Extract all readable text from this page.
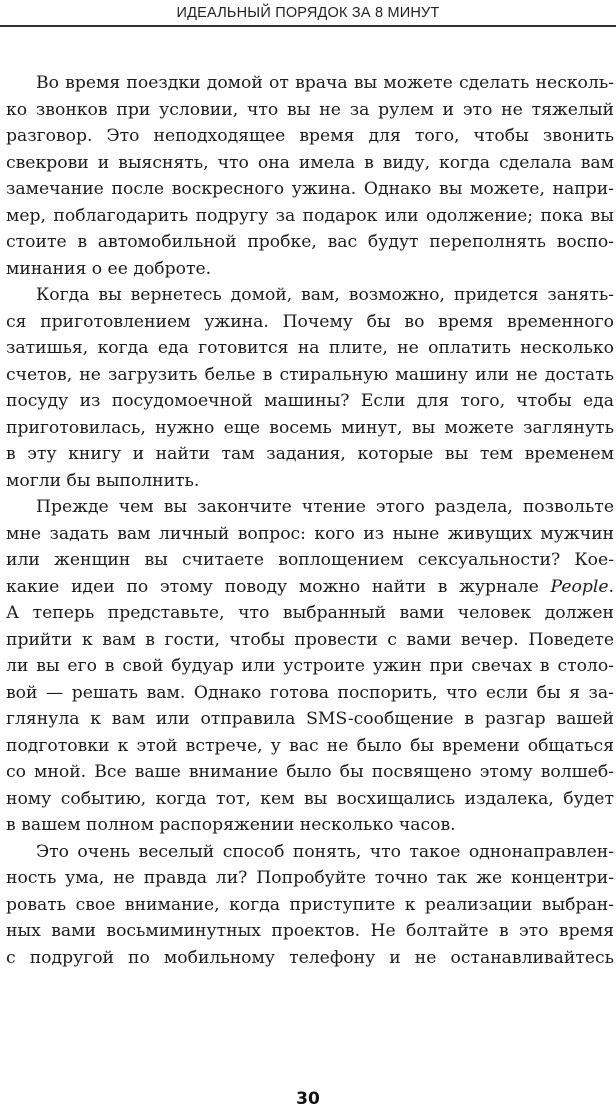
ИДЕАЛЬНЫЙ ПОРЯДОК ЗА 8 МИНУТ
Во время поездки домой от врача вы можете сделать несколь-
ко звонков при условии, что вы не за рулем и это не тяжелый
разговор. Это неподходящее время для того, чтобы звонить
свекрови и выяснять, что она имела в виду, когда сделала вам
замечание после воскресного ужина. Однако вы можете, напри-
мер, поблагодарить подругу за подарок или одолжение; пока вы
стоите в автомобильной пробке, вас будут переполнять воспо-
минания о ее доброте.
Когда вы вернетесь домой, вам, возможно, придется занять-
ся приготовлением ужина. Почему бы во время временного
затишья, когда еда готовится на плите, не оплатить несколько
счетов, не загрузить белье в стиральную машину или не достать
посуду из посудомоечной машины? Если для того, чтобы еда
приготовилась, нужно еще восемь минут, вы можете заглянуть
в эту книгу и найти там задания, которые вы тем временем
могли бы выполнить.
Прежде чем вы закончите чтение этого раздела, позвольте
мне задать вам личный вопрос: кого из ныне живущих мужчин
или женщин вы считаете воплощением сексуальности? Кое-
какие идеи по этому поводу можно найти в журнале People.
А теперь представьте, что выбранный вами человек должен
прийти к вам в гости, чтобы провести с вами вечер. Поведете
ли вы его в свой будуар или устроите ужин при свечах в столо-
вой — решать вам. Однако готова поспорить, что если бы я за-
глянула к вам или отправила SMS-сообщение в разгар вашей
подготовки к этой встрече, у вас не было бы времени общаться
со мной. Все ваше внимание было бы посвящено этому волшеб-
ному событию, когда тот, кем вы восхищались издалека, будет
в вашем полном распоряжении несколько часов.
Это очень веселый способ понять, что такое однонаправлен-
ность ума, не правда ли? Попробуйте точно так же концентри-
ровать свое внимание, когда приступите к реализации выбран-
ных вами восьмиминутных проектов. Не болтайте в это время
с подругой по мобильному телефону и не останавливайтесь
30
